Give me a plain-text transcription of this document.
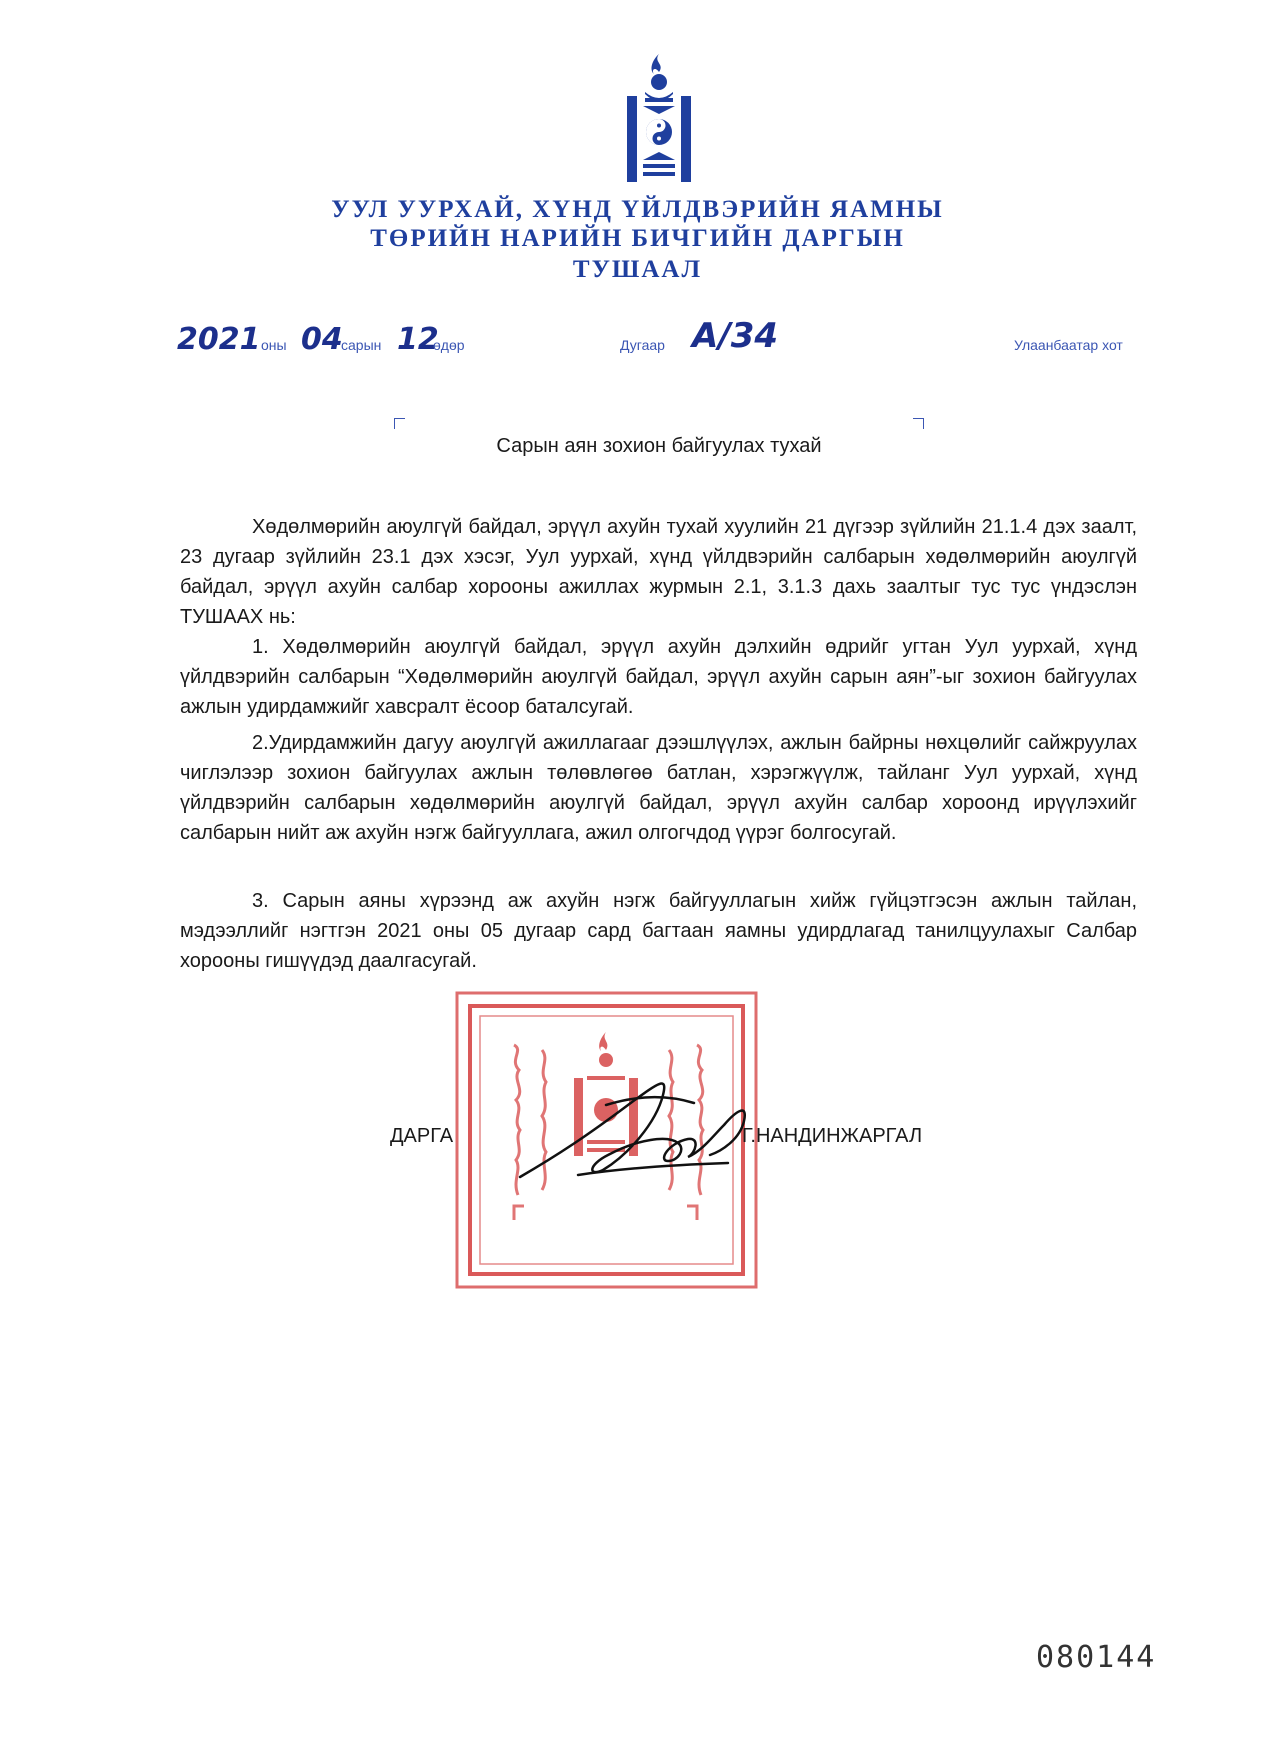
УУЛ УУРХАЙ, ХҮНД ҮЙЛДВЭРИЙН ЯАМНЫ
ТӨРИЙН НАРИЙН БИЧГИЙН ДАРГЫН
ТУШААЛ
2021 оны 04
сарын 12
өдөр	Дугаар А/34	Улаанбаатар хот
Сарын аян зохион байгуулах тухай

Хөдөлмөрийн аюулгүй байдал, эрүүл ахуйн тухай хуулийн 21 дүгээр зүйлийн 21.1.4 дэх заалт, 23 дугаар зүйлийн 23.1 дэх хэсэг, Уул уурхай, хүнд үйлдвэрийн салбарын хөдөлмөрийн аюулгүй байдал, эрүүл ахуйн салбар хорооны ажиллах журмын 2.1, 3.1.3 дахь заалтыг тус тус үндэслэн ТУШААХ нь:

1. Хөдөлмөрийн аюулгүй байдал, эрүүл ахуйн дэлхийн өдрийг угтан Уул уурхай, хүнд үйлдвэрийн салбарын “Хөдөлмөрийн аюулгүй байдал, эрүүл ахуйн сарын аян”-ыг зохион байгуулах ажлын удирдамжийг хавсралт ёсоор баталсугай.

2.Удирдамжийн дагуу аюулгүй ажиллагааг дээшлүүлэх, ажлын байрны нөхцөлийг сайжруулах чиглэлээр зохион байгуулах ажлын төлөвлөгөө батлан, хэрэгжүүлж, тайланг Уул уурхай, хүнд үйлдвэрийн салбарын хөдөлмөрийн аюулгүй байдал, эрүүл ахуйн салбар хороонд ирүүлэхийг салбарын нийт аж ахуйн нэгж байгууллага, ажил олгогчдод үүрэг болгосугай.

3. Сарын аяны хүрээнд аж ахуйн нэгж байгууллагын хийж гүйцэтгэсэн ажлын тайлан, мэдээллийг нэгтгэн 2021 оны 05 дугаар сард багтаан яамны удирдлагад танилцуулахыг Салбар хорооны гишүүдэд даалгасугай.

ДАРГА	Г.НАНДИНЖАРГАЛ
080144
